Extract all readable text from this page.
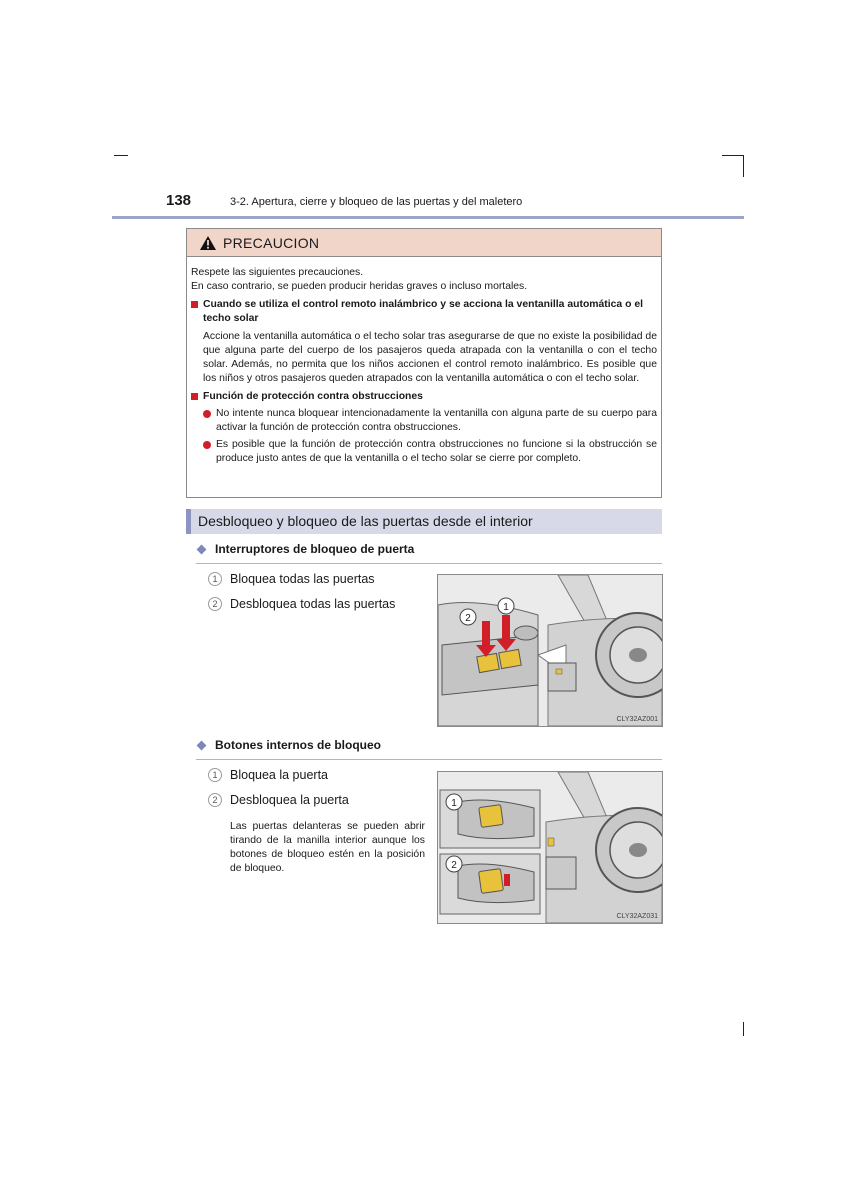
138	3-2. Apertura, cierre y bloqueo de las puertas y del maletero
PRECAUCION

Respete las siguientes precauciones.

En caso contrario, se pueden producir heridas graves o incluso mortales.

Cuando se utiliza el control remoto inalámbrico y se acciona la ventanilla automática o el techo solar

Accione la ventanilla automática o el techo solar tras asegurarse de que no existe la posibilidad de que alguna parte del cuerpo de los pasajeros queda atrapada con la ventanilla o con el techo solar. Además, no permita que los niños accionen el control remoto inalámbrico. Es posible que los niños y otros pasajeros queden atrapados con la ventanilla automática o con el techo solar.

Función de protección contra obstrucciones
No intente nunca bloquear intencionadamente la ventanilla con alguna parte de su cuerpo para activar la función de protección contra obstrucciones.
Es posible que la función de protección contra obstrucciones no funcione si la obstrucción se produce justo antes de que la ventanilla o el techo solar se cierre por completo.
Desbloqueo y bloqueo de las puertas desde el interior
Interruptores de bloqueo de puerta
1	Bloquea todas las puertas
2	Desbloquea todas las puertas
2
1
CLY32AZ001
Botones internos de bloqueo
1	Bloquea la puerta
2	Desbloquea la puerta
Las puertas delanteras se pueden abrir tirando de la manilla interior aunque los botones de bloqueo estén en la posición de bloqueo.
1
2
CLY32AZ031
